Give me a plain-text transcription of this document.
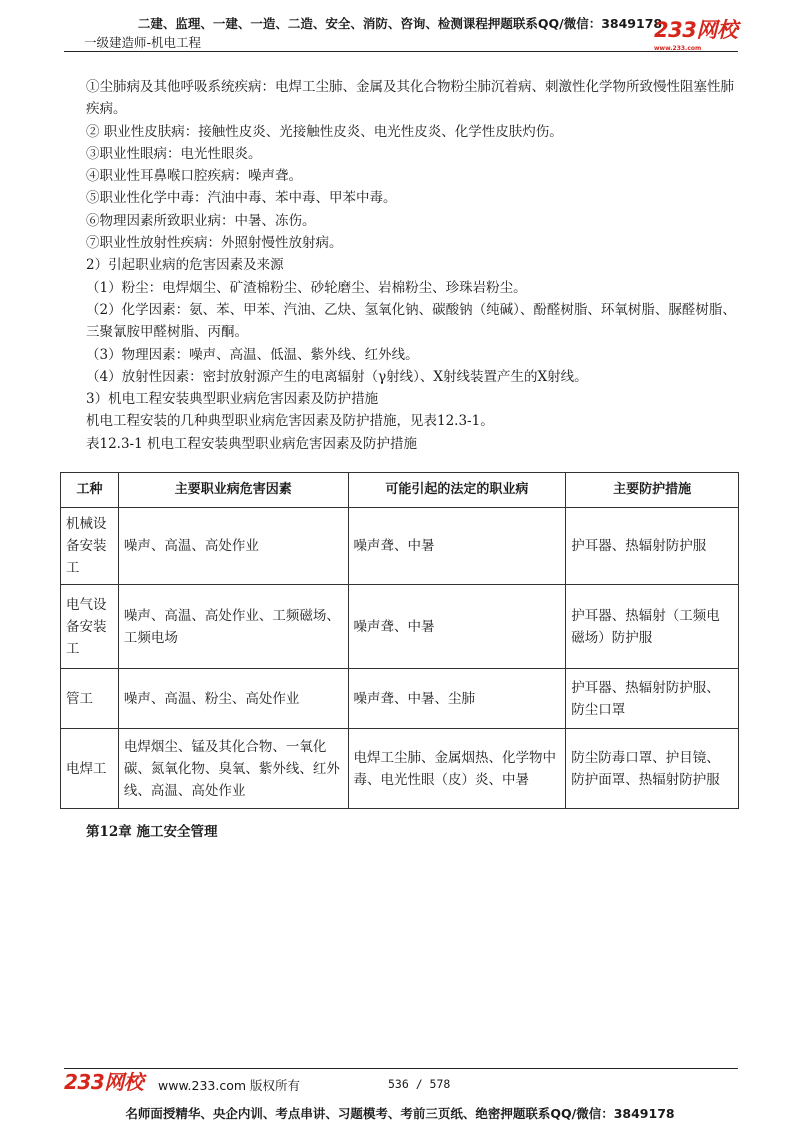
二建、监理、一建、一造、二造、安全、消防、咨询、检测课程押题联系QQ/微信：3849178
一级建造师-机电工程
233网校
www.233.com

①尘肺病及其他呼吸系统疾病：电焊工尘肺、金属及其化合物粉尘肺沉着病、刺激性化学物所致慢性阻塞性肺疾病。

② 职业性皮肤病：接触性皮炎、光接触性皮炎、电光性皮炎、化学性皮肤灼伤。

③职业性眼病：电光性眼炎。

④职业性耳鼻喉口腔疾病：噪声聋。

⑤职业性化学中毒：汽油中毒、苯中毒、甲苯中毒。

⑥物理因素所致职业病：中暑、冻伤。

⑦职业性放射性疾病：外照射慢性放射病。

2）引起职业病的危害因素及来源

（1）粉尘：电焊烟尘、矿渣棉粉尘、砂轮磨尘、岩棉粉尘、珍珠岩粉尘。

（2）化学因素：氨、苯、甲苯、汽油、乙炔、氢氧化钠、碳酸钠（纯碱）、酚醛树脂、环氧树脂、脲醛树脂、三聚氰胺甲醛树脂、丙酮。

（3）物理因素：噪声、高温、低温、紫外线、红外线。

（4）放射性因素：密封放射源产生的电离辐射（γ射线）、X射线装置产生的X射线。

3）机电工程安装典型职业病危害因素及防护措施

机电工程安装的几种典型职业病危害因素及防护措施，见表12.3-1。

表12.3-1 机电工程安装典型职业病危害因素及防护措施

工种	主要职业病危害因素	可能引起的法定的职业病	主要防护措施
机械设备安装工	噪声、高温、高处作业	噪声聋、中暑	护耳器、热辐射防护服
电气设备安装工	噪声、高温、高处作业、工频磁场、工频电场	噪声聋、中暑	护耳器、热辐射（工频电磁场）防护服
管工	噪声、高温、粉尘、高处作业	噪声聋、中暑、尘肺	护耳器、热辐射防护服、防尘口罩
电焊工	电焊烟尘、锰及其化合物、一氧化碳、氮氧化物、臭氧、紫外线、红外线、高温、高处作业	电焊工尘肺、金属烟热、化学物中毒、电光性眼（皮）炎、中暑	防尘防毒口罩、护目镜、防护面罩、热辐射防护服
第12章 施工安全管理
233网校 www.233.com 版权所有	536 / 578
名师面授精华、央企内训、考点串讲、习题模考、考前三页纸、绝密押题联系QQ/微信：3849178
